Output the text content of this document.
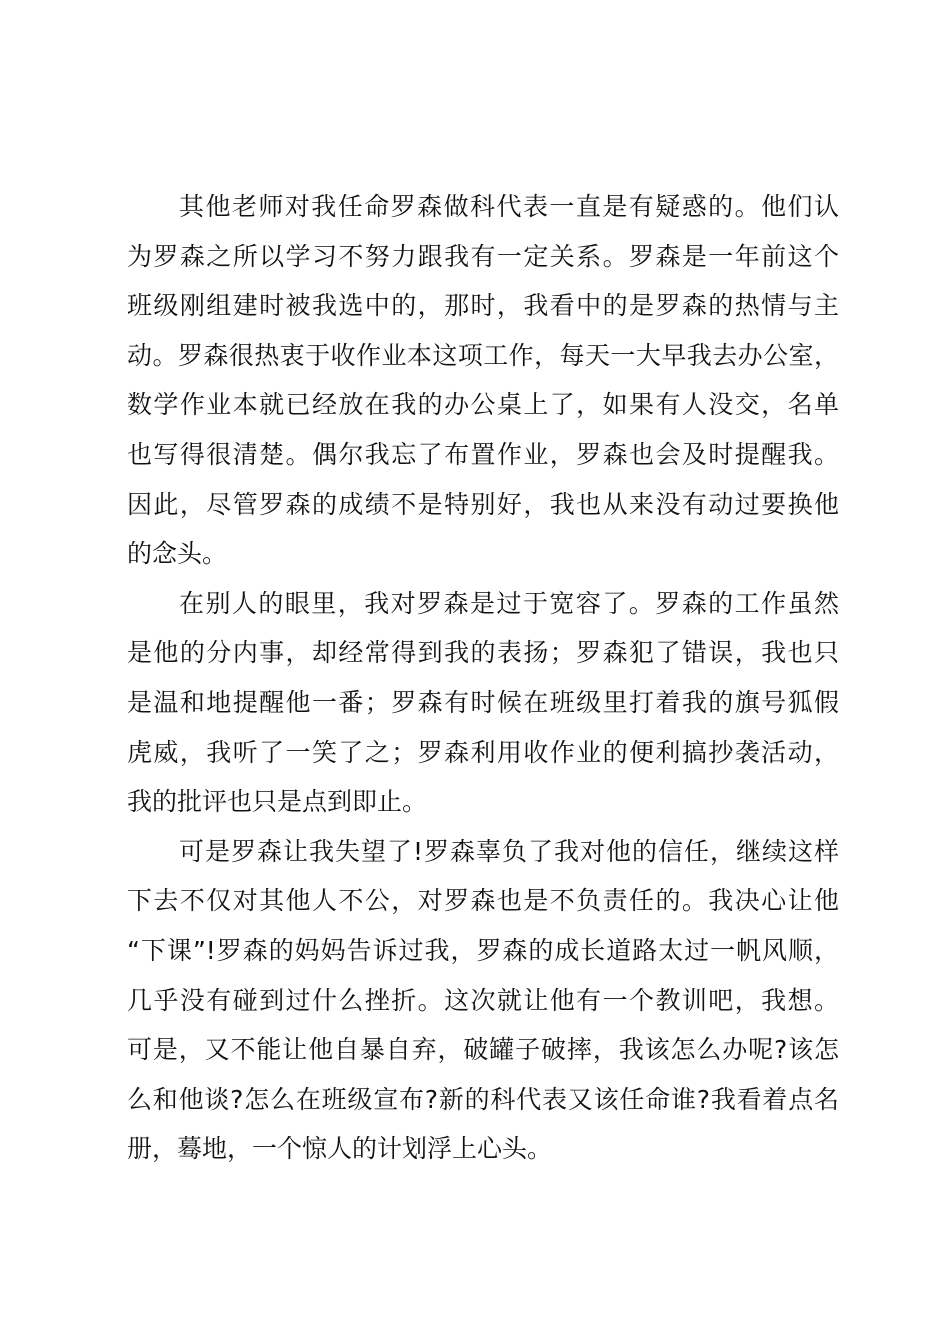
其他老师对我任命罗森做科代表一直是有疑惑的。他们认
为罗森之所以学习不努力跟我有一定关系。罗森是一年前这个
班级刚组建时被我选中的，那时，我看中的是罗森的热情与主
动。罗森很热衷于收作业本这项工作，每天一大早我去办公室，
数学作业本就已经放在我的办公桌上了，如果有人没交，名单
也写得很清楚。偶尔我忘了布置作业，罗森也会及时提醒我。
因此，尽管罗森的成绩不是特别好，我也从来没有动过要换他
的念头。
在别人的眼里，我对罗森是过于宽容了。罗森的工作虽然
是他的分内事，却经常得到我的表扬；罗森犯了错误，我也只
是温和地提醒他一番；罗森有时候在班级里打着我的旗号狐假
虎威，我听了一笑了之；罗森利用收作业的便利搞抄袭活动，
我的批评也只是点到即止。
可是罗森让我失望了!罗森辜负了我对他的信任，继续这样
下去不仅对其他人不公，对罗森也是不负责任的。我决心让他
“下课”!罗森的妈妈告诉过我，罗森的成长道路太过一帆风顺，
几乎没有碰到过什么挫折。这次就让他有一个教训吧，我想。
可是，又不能让他自暴自弃，破罐子破摔，我该怎么办呢?该怎
么和他谈?怎么在班级宣布?新的科代表又该任命谁?我看着点名
册，蓦地，一个惊人的计划浮上心头。
